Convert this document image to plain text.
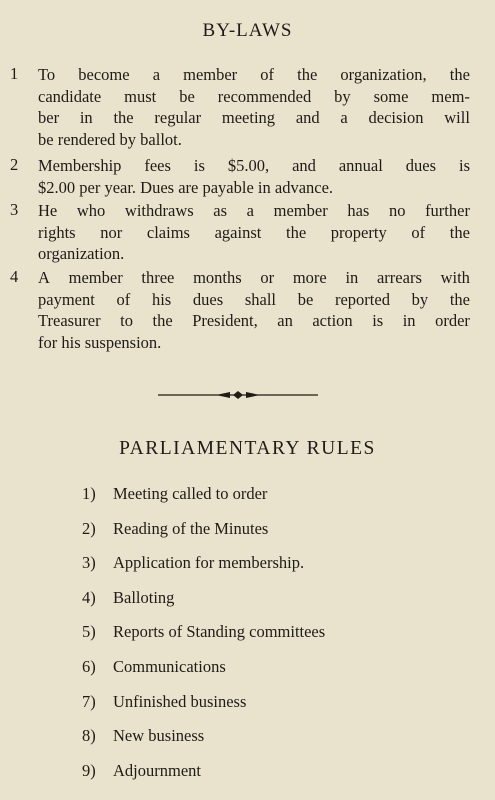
BY-LAWS
1 To become a member of the organization, the
candidate must be recommended by some mem-
ber in the regular meeting and a decision will
be rendered by ballot.
2 Membership fees is $5.00, and annual dues is
$2.00 per year. Dues are payable in advance.
3 He who withdraws as a member has no further
rights nor claims against the property of the
organization.
4 A member three months or more in arrears with
payment of his dues shall be reported by the
Treasurer to the President, an action is in order
for his suspension.
PARLIAMENTARY RULES
1)	Meeting called to order
2)	Reading of the Minutes
3)	Application for membership.
4)	Balloting
5)	Reports of Standing committees
6)	Communications
7)	Unfinished business
8)	New business
9)	Adjournment
